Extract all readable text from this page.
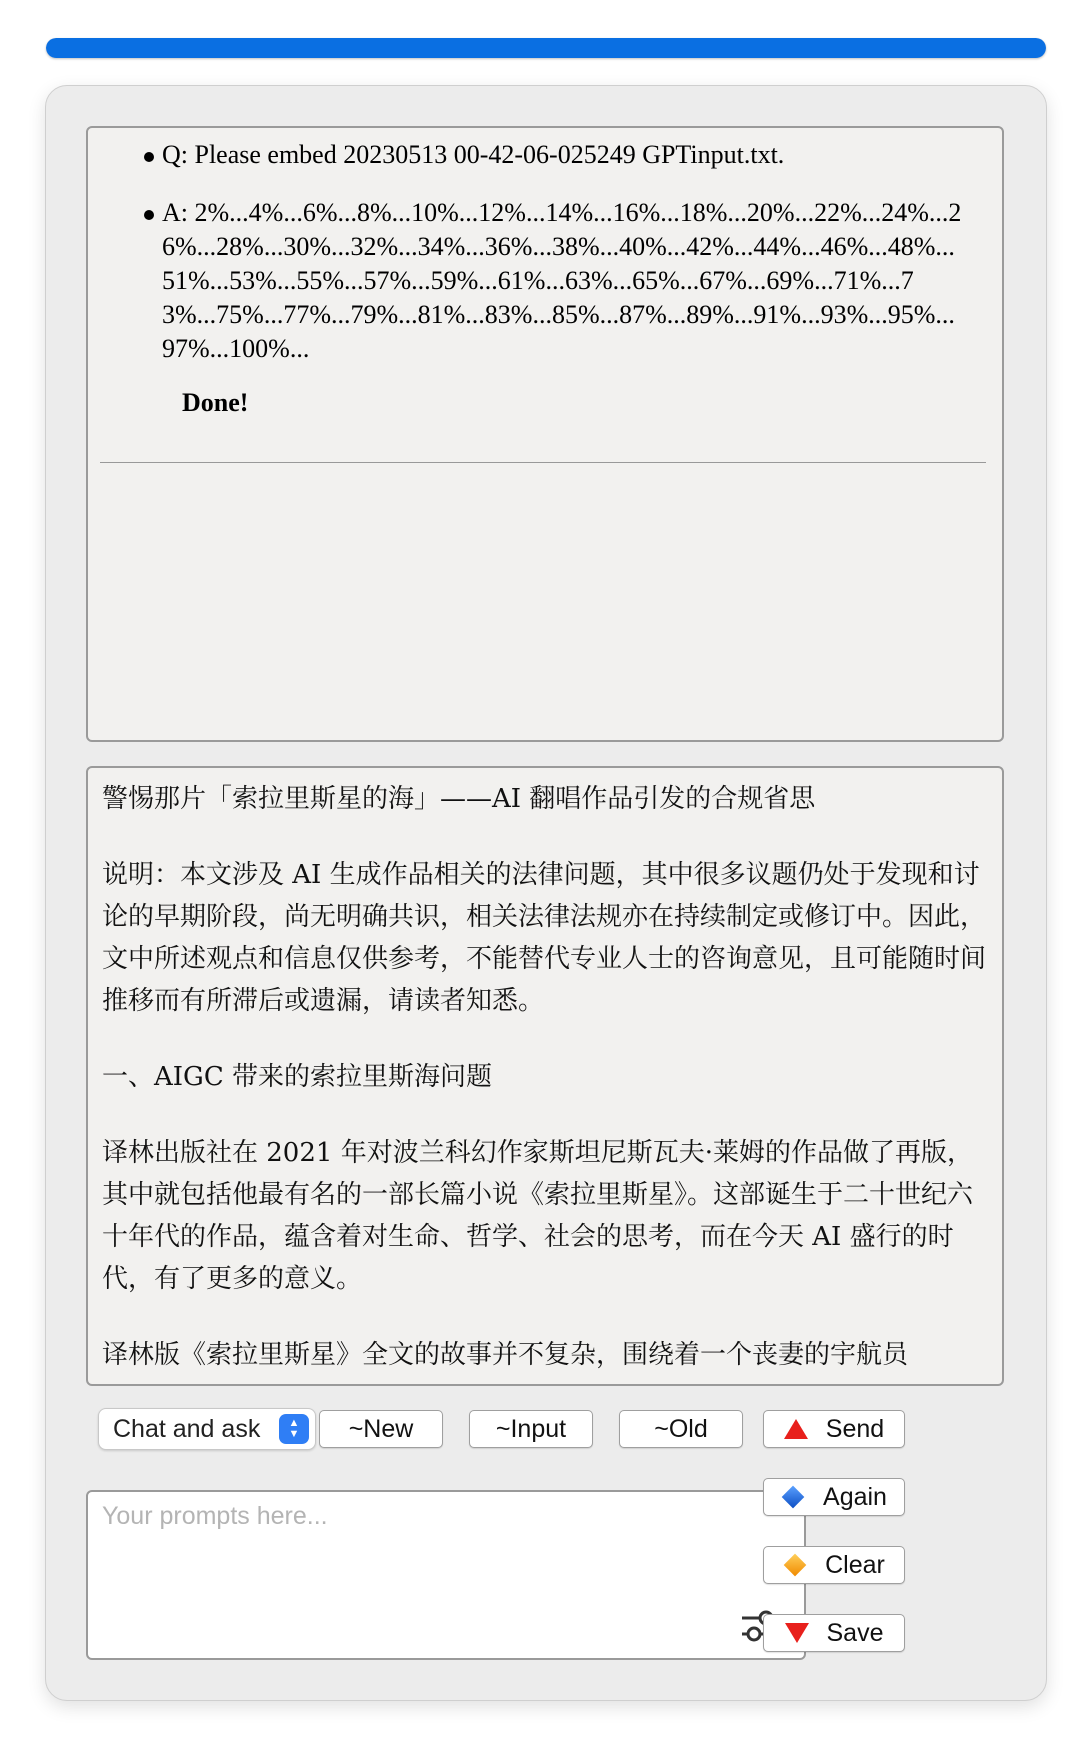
Q: Please embed 20230513 00-42-06-025249 GPTinput.txt.
A: 2%...4%...6%...8%...10%...12%...14%...16%...18%...20%...22%...24%...26%...28%...30%...32%...34%...36%...38%...40%...42%...44%...46%...48%...51%...53%...55%...57%...59%...61%...63%...65%...67%...69%...71%...73%...75%...77%...79%...81%...83%...85%...87%...89%...91%...93%...95%...97%...100%...
Done!

警惕那片「索拉里斯星的海」——AI 翻唱作品引发的合规省思

说明：本文涉及 AI 生成作品相关的法律问题，其中很多议题仍处于发现和讨论的早期阶段，尚无明确共识，相关法律法规亦在持续制定或修订中。因此，文中所述观点和信息仅供参考，不能替代专业人士的咨询意见，且可能随时间推移而有所滞后或遗漏，请读者知悉。

一、AIGC 带来的索拉里斯海问题

译林出版社在 2021 年对波兰科幻作家斯坦尼斯瓦夫·莱姆的作品做了再版，其中就包括他最有名的一部长篇小说《索拉里斯星》。这部诞生于二十世纪六十年代的作品，蕴含着对生命、哲学、社会的思考，而在今天 AI 盛行的时代，有了更多的意义。

译林版《索拉里斯星》全文的故事并不复杂，围绕着一个丧妻的宇航员

Chat and ask	▲
▼ ~New	~Input	~Old	Send
Your prompts here...
Again
Clear
Save
